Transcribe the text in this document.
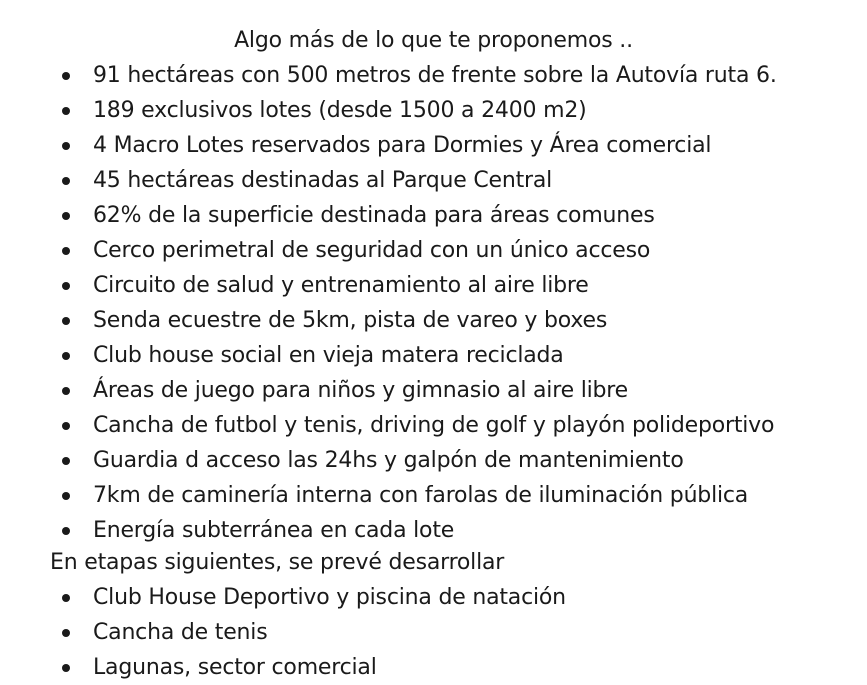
Algo más de lo que te proponemos ..
91 hectáreas con 500 metros de frente sobre la Autovía ruta 6.
189 exclusivos lotes (desde 1500 a 2400 m2)
4 Macro Lotes reservados para Dormies y Área comercial
45 hectáreas destinadas al Parque Central
62% de la superficie destinada para áreas comunes
Cerco perimetral de seguridad con un único acceso
Circuito de salud y entrenamiento al aire libre
Senda ecuestre de 5km, pista de vareo y boxes
Club house social en vieja matera reciclada
Áreas de juego para niños y gimnasio al aire libre
Cancha de futbol y tenis, driving de golf y playón polideportivo
Guardia d acceso las 24hs y galpón de mantenimiento
7km de caminería interna con farolas de iluminación pública
Energía subterránea en cada lote
En etapas siguientes, se prevé desarrollar
Club House Deportivo y piscina de natación
Cancha de tenis
Lagunas, sector comercial
